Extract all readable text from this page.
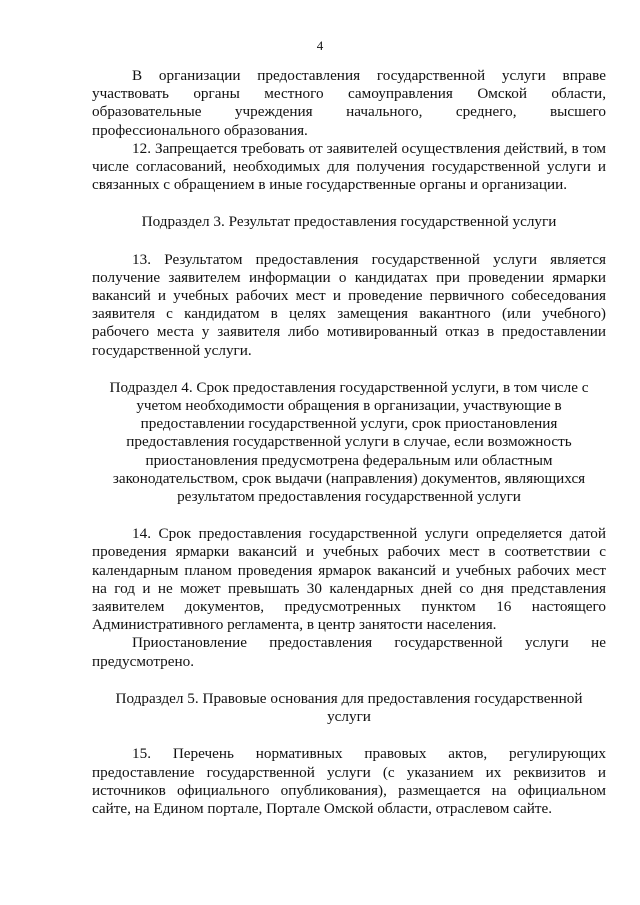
4

В организации предоставления государственной услуги вправе участвовать органы местного самоуправления Омской области, образовательные учреждения начального, среднего, высшего профессионального образования.

12. Запрещается требовать от заявителей осуществления действий, в том числе согласований, необходимых для получения государственной услуги и связанных с обращением в иные государственные органы и организации.

Подраздел 3. Результат предоставления государственной услуги

13. Результатом предоставления государственной услуги является получение заявителем информации о кандидатах при проведении ярмарки вакансий и учебных рабочих мест и проведение первичного собеседования заявителя с кандидатом в целях замещения вакантного (или учебного) рабочего места у заявителя либо мотивированный отказ в предоставлении государственной услуги.

Подраздел 4. Срок предоставления государственной услуги, в том числе с учетом необходимости обращения в организации, участвующие в предоставлении государственной услуги, срок приостановления предоставления государственной услуги в случае, если возможность приостановления предусмотрена федеральным или областным законодательством, срок выдачи (направления) документов, являющихся результатом предоставления государственной услуги

14. Срок предоставления государственной услуги определяется датой проведения ярмарки вакансий и учебных рабочих мест в соответствии с календарным планом проведения ярмарок вакансий и учебных рабочих мест на год и не может превышать 30 календарных дней со дня представления заявителем документов, предусмотренных пунктом 16 настоящего Административного регламента, в центр занятости населения.

Приостановление предоставления государственной услуги не предусмотрено.

Подраздел 5. Правовые основания для предоставления государственной услуги

15. Перечень нормативных правовых актов, регулирующих предоставление государственной услуги (с указанием их реквизитов и источников официального опубликования), размещается на официальном сайте, на Едином портале, Портале Омской области, отраслевом сайте.
